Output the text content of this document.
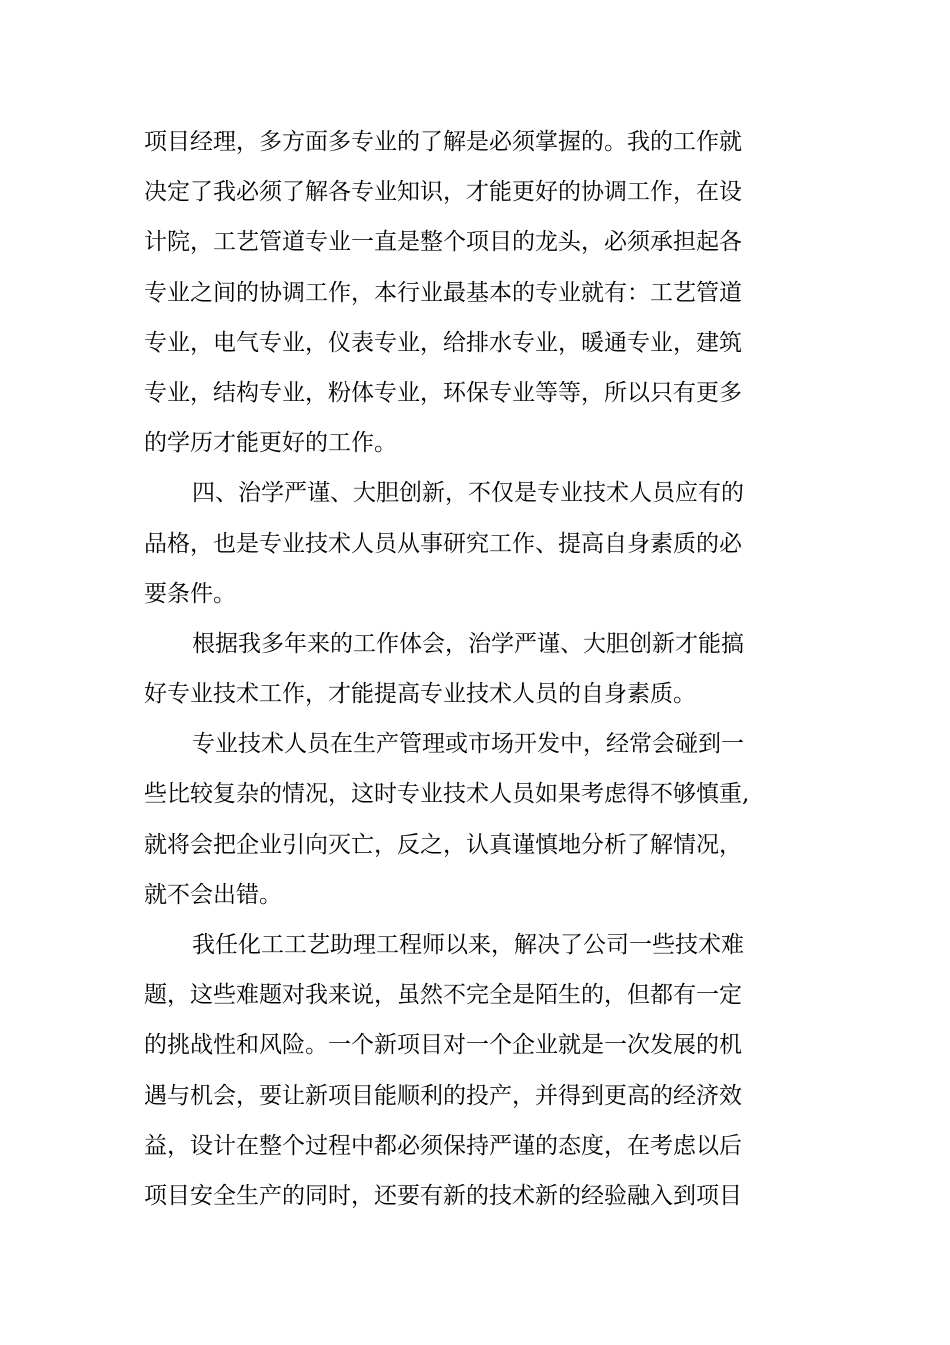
项目经理，多方面多专业的了解是必须掌握的。我的工作就
决定了我必须了解各专业知识，才能更好的协调工作，在设
计院，工艺管道专业一直是整个项目的龙头，必须承担起各
专业之间的协调工作，本行业最基本的专业就有：工艺管道
专业，电气专业，仪表专业，给排水专业，暖通专业，建筑
专业，结构专业，粉体专业，环保专业等等，所以只有更多
的学历才能更好的工作。
四、治学严谨、大胆创新，不仅是专业技术人员应有的
品格，也是专业技术人员从事研究工作、提高自身素质的必
要条件。
根据我多年来的工作体会，治学严谨、大胆创新才能搞
好专业技术工作，才能提高专业技术人员的自身素质。
专业技术人员在生产管理或市场开发中，经常会碰到一
些比较复杂的情况，这时专业技术人员如果考虑得不够慎重,
就将会把企业引向灭亡，反之，认真谨慎地分析了解情况，
就不会出错。
我任化工工艺助理工程师以来，解决了公司一些技术难
题，这些难题对我来说，虽然不完全是陌生的，但都有一定
的挑战性和风险。一个新项目对一个企业就是一次发展的机
遇与机会，要让新项目能顺利的投产，并得到更高的经济效
益，设计在整个过程中都必须保持严谨的态度，在考虑以后
项目安全生产的同时，还要有新的技术新的经验融入到项目
